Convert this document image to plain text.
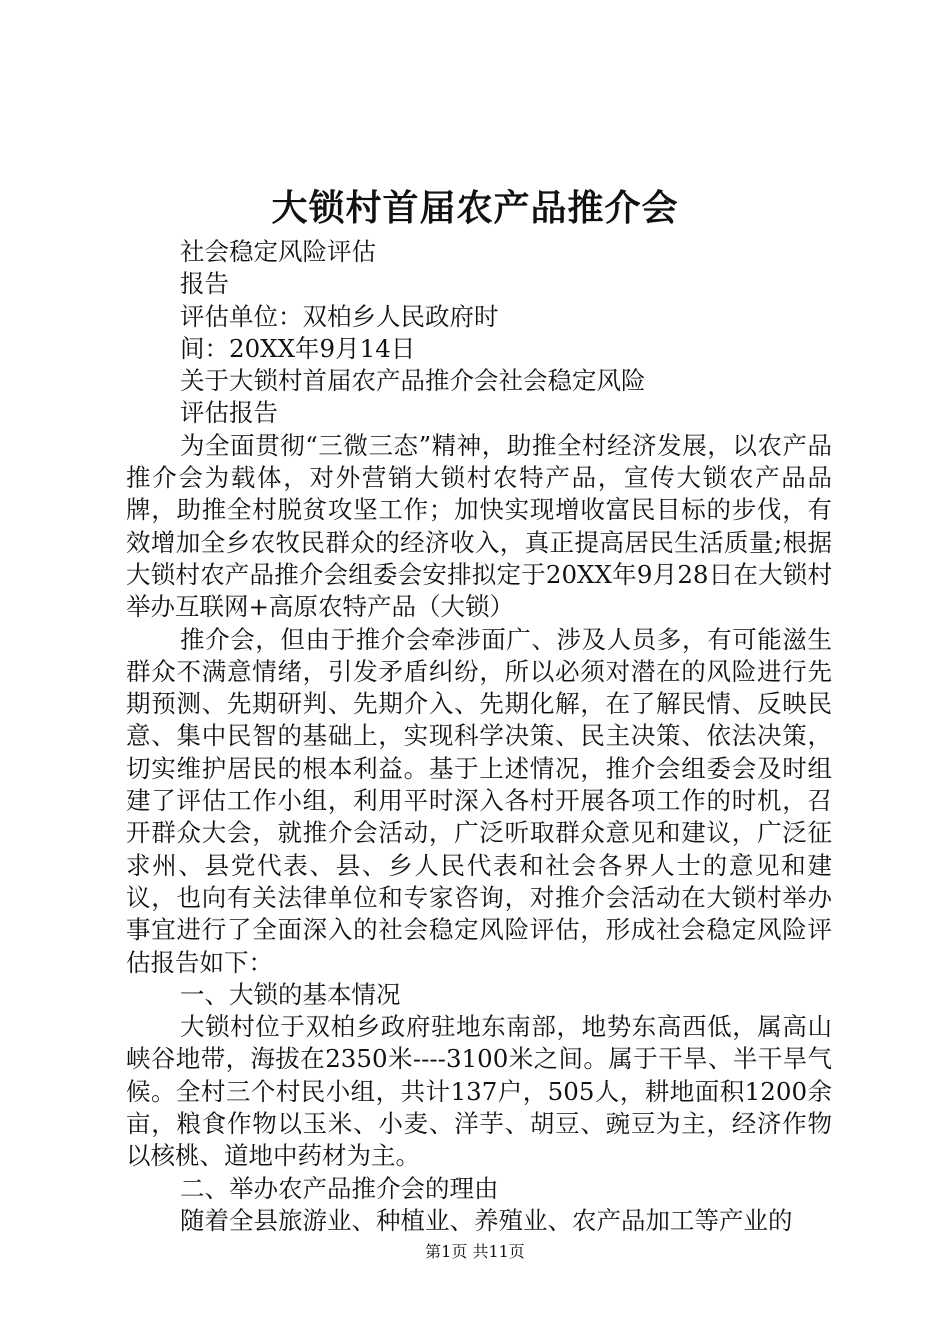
大锁村首届农产品推介会

社会稳定风险评估

报告

评估单位：双柏乡人民政府时

间：20XX年9月14日

关于大锁村首届农产品推介会社会稳定风险

评估报告

为全面贯彻“三微三态”精神，助推全村经济发展，以农产品推介会为载体，对外营销大锁村农特产品，宣传大锁农产品品牌，助推全村脱贫攻坚工作；加快实现增收富民目标的步伐，有效增加全乡农牧民群众的经济收入，真正提高居民生活质量;根据大锁村农产品推介会组委会安排拟定于20XX年9月28日在大锁村举办互联网+高原农特产品（大锁）

推介会，但由于推介会牵涉面广、涉及人员多，有可能滋生群众不满意情绪，引发矛盾纠纷，所以必须对潜在的风险进行先期预测、先期研判、先期介入、先期化解，在了解民情、反映民意、集中民智的基础上，实现科学决策、民主决策、依法决策，切实维护居民的根本利益。基于上述情况，推介会组委会及时组建了评估工作小组，利用平时深入各村开展各项工作的时机，召开群众大会，就推介会活动，广泛听取群众意见和建议，广泛征求州、县党代表、县、乡人民代表和社会各界人士的意见和建议，也向有关法律单位和专家咨询，对推介会活动在大锁村举办事宜进行了全面深入的社会稳定风险评估，形成社会稳定风险评估报告如下：

一、大锁的基本情况

大锁村位于双柏乡政府驻地东南部，地势东高西低，属高山峡谷地带，海拔在2350米----3100米之间。属于干旱、半干旱气候。全村三个村民小组，共计137户，505人，耕地面积1200余亩，粮食作物以玉米、小麦、洋芋、胡豆、豌豆为主，经济作物以核桃、道地中药材为主。

二、举办农产品推介会的理由

随着全县旅游业、种植业、养殖业、农产品加工等产业的

第1页 共11页
